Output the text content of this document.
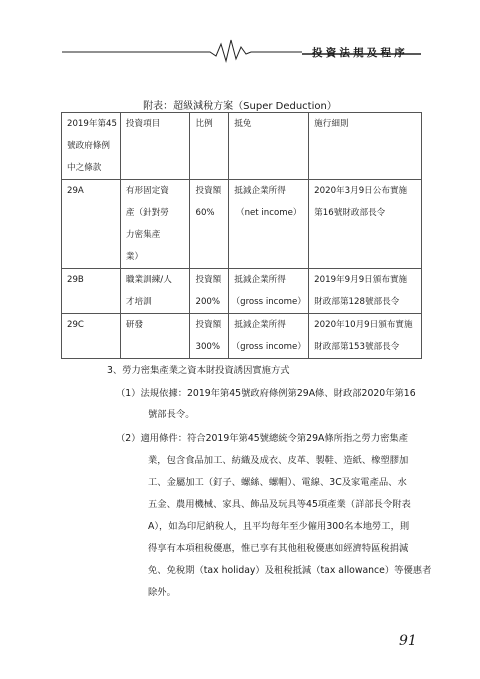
投資法規及程序
附表：超級減稅方案（Super Deduction）
2019年第45
號政府條例
中之條款	投資項目	比例	抵免	施行細則

29A	有形固定資
產（針對勞
力密集產
業）	投資額
60%	抵減企業所得
（net income）	2020年3月9日公布實施
第16號財政部長令

29B	職業訓練/人
才培訓	投資額
200%	抵減企業所得
（gross income）	2019年9月9日頒布實施
財政部第128號部長令

29C	研發	投資額
300%	抵減企業所得
（gross income）	2020年10月9日頒布實施
財政部第153號部長令
3、勞力密集產業之資本財投資誘因實施方式
（1）法規依據：2019年第45號政府條例第29A條、財政部2020年第16
號部長令。
（2）適用條件：符合2019年第45號總統令第29A條所指之勞力密集產
業，包含食品加工、紡織及成衣、皮革、製鞋、造紙、橡塑膠加
工、金屬加工（釘子、螺絲、螺帽）、電線、3C及家電產品、水
五金、農用機械、家具、飾品及玩具等45項產業（詳部長令附表
A），如為印尼納稅人，且平均每年至少僱用300名本地勞工，則
得享有本項租稅優惠，惟已享有其他租稅優惠如經濟特區稅捐減
免、免稅期（tax holiday）及租稅抵減（tax allowance）等優惠者
除外。
91
